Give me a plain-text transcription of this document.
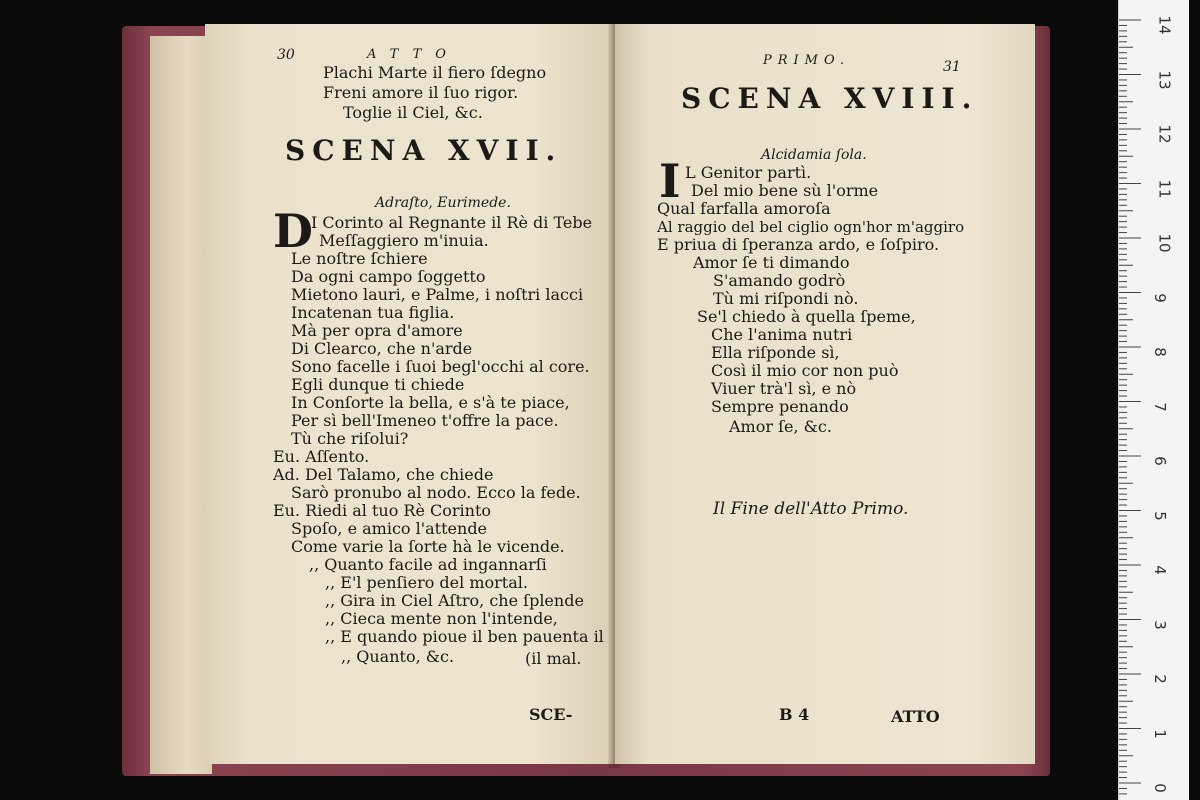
30	ATTO
Plachi Marte il fiero ſdegno
Freni amore il ſuo rigor.
Toglie il Ciel, &c.
SCENA XVII.
Adraſto, Eurimede.
D
I Corinto al Regnante il Rè di Tebe
Meſſaggiero m'inuia.
Le noſtre ſchiere
Da ogni campo ſoggetto
Mietono lauri, e Palme, i noſtri lacci
Incatenan tua figlia.
Mà per opra d'amore
Di Clearco, che n'arde
Sono facelle i ſuoi begl'occhi al core.
Egli dunque ti chiede
In Conſorte la bella, e s'à te piace,
Per sì bell'Imeneo t'offre la pace.
Tù che riſolui?
Eu. Aſſento.
Ad. Del Talamo, che chiede
Sarò pronubo al nodo. Ecco la fede.
Eu. Riedi al tuo Rè Corinto
Spoſo, e amico l'attende
Come varie la ſorte hà le vicende.
,, Quanto facile ad ingannarſi
,, E'l penſiero del mortal.
,, Gira in Ciel Aſtro, che ſplende
,, Cieca mente non l'intende,
,, E quando pioue il ben pauenta il
,, Quanto, &c.	(il mal.
SCE-
PRIMO.	31
SCENA XVIII.
Alcidamia ſola.
I L Genitor partì.
Del mio bene sù l'orme
Qual farfalla amoroſa
Al raggio del bel ciglio ogn'hor m'aggiro
E priua di ſperanza ardo, e ſoſpiro.
Amor ſe ti dimando
S'amando godrò
Tù mi riſpondi nò.
Se'l chiedo à quella ſpeme,
Che l'anima nutri
Ella riſponde sì,
Così il mio cor non può
Viuer trà'l sì, e nò
Sempre penando
Amor ſe, &c.
Il Fine dell'Atto Primo.
B 4	ATTO
14
13
12
11
10
9
8
7
6
5
4
3
2
1
0
